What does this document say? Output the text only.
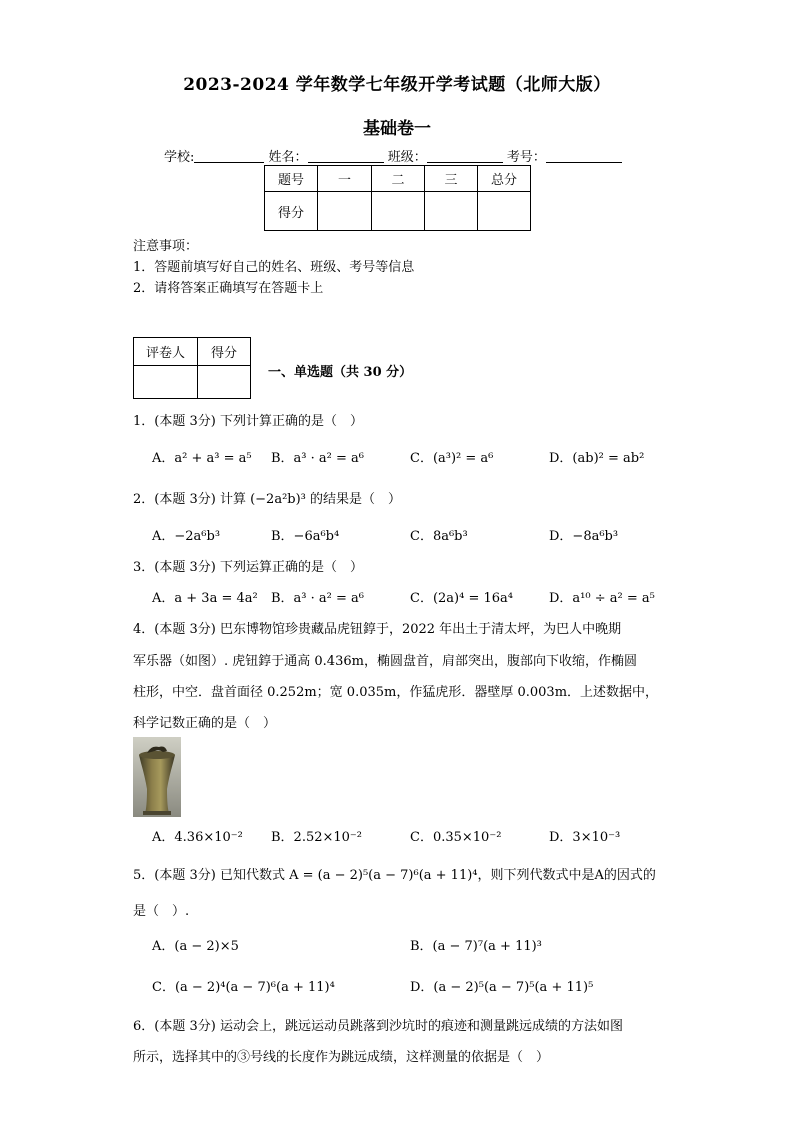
2023-2024 学年数学七年级开学考试题（北师大版）
基础卷一
学校:	姓名：	班级：	考号：
题号	一	二	三	总分
得分				
注意事项：
1．答题前填写好自己的姓名、班级、考号等信息
2．请将答案正确填写在答题卡上
评卷人	得分

一、单选题（共 30 分）
1．(本题 3分) 下列计算正确的是（　）
A．a² + a³ = a⁵ B．a³ · a² = a⁶	C．(a³)² = a⁶	D．(ab)² = ab²
2．(本题 3分) 计算 (−2a²b)³ 的结果是（　）
A．−2a⁶b³	B．−6a⁶b⁴	C．8a⁶b³	D．−8a⁶b³
3．(本题 3分) 下列运算正确的是（　）
A．a + 3a = 4a² B．a³ · a² = a⁶	C．(2a)⁴ = 16a⁴	D．a¹⁰ ÷ a² = a⁵
4．(本题 3分) 巴东博物馆珍贵藏品虎钮錞于，2022 年出土于清太坪，为巴人中晚期
军乐器（如图）. 虎钮錞于通高 0.436m，椭圆盘首，肩部突出，腹部向下收缩，作椭圆
柱形，中空．盘首面径 0.252m；宽 0.035m，作猛虎形．器壁厚 0.003m．上述数据中，
科学记数正确的是（　）
A．4.36×10⁻² B．2.52×10⁻²	C．0.35×10⁻²	D．3×10⁻³
5．(本题 3分) 已知代数式 A = (a − 2)⁵(a − 7)⁶(a + 11)⁴，则下列代数式中是A的因式的
是（　）.
A．(a − 2)×5	B．(a − 7)⁷(a + 11)³
C．(a − 2)⁴(a − 7)⁶(a + 11)⁴	D．(a − 2)⁵(a − 7)⁵(a + 11)⁵
6．(本题 3分) 运动会上，跳远运动员跳落到沙坑时的痕迹和测量跳远成绩的方法如图
所示，选择其中的③号线的长度作为跳远成绩，这样测量的依据是（　）
